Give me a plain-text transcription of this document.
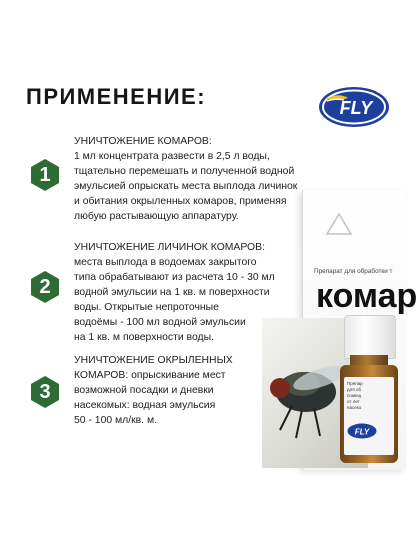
ПРИМЕНЕНИЕ:	FLY
1
УНИЧТОЖЕНИЕ КОМАРОВ:
1 мл концентрата развести в 2,5 л воды,
тщательно перемешать и полученной водной
эмульсией опрыскать места выплода личинок
и обитания окрыленных комаров, применяя
любую растывающую аппаратуру.
Препарат для обработки т
комар
Препар
для об
помещ
от лет
насеко
FLY
2
УНИЧТОЖЕНИЕ ЛИЧИНОК КОМАРОВ:
места выплода в водоемах закрытого
типа обрабатывают из расчета 10 - 30 мл
водной эмульсии на 1 кв. м поверхности
воды. Открытые непроточные
водоёмы - 100 мл водной эмульсии
на 1 кв. м поверхности воды.
3
УНИЧТОЖЕНИЕ ОКРЫЛЕННЫХ
КОМАРОВ: опрыскивание мест
возможной посадки и дневки
насекомых: водная эмульсия
50 - 100 мл/кв. м.
